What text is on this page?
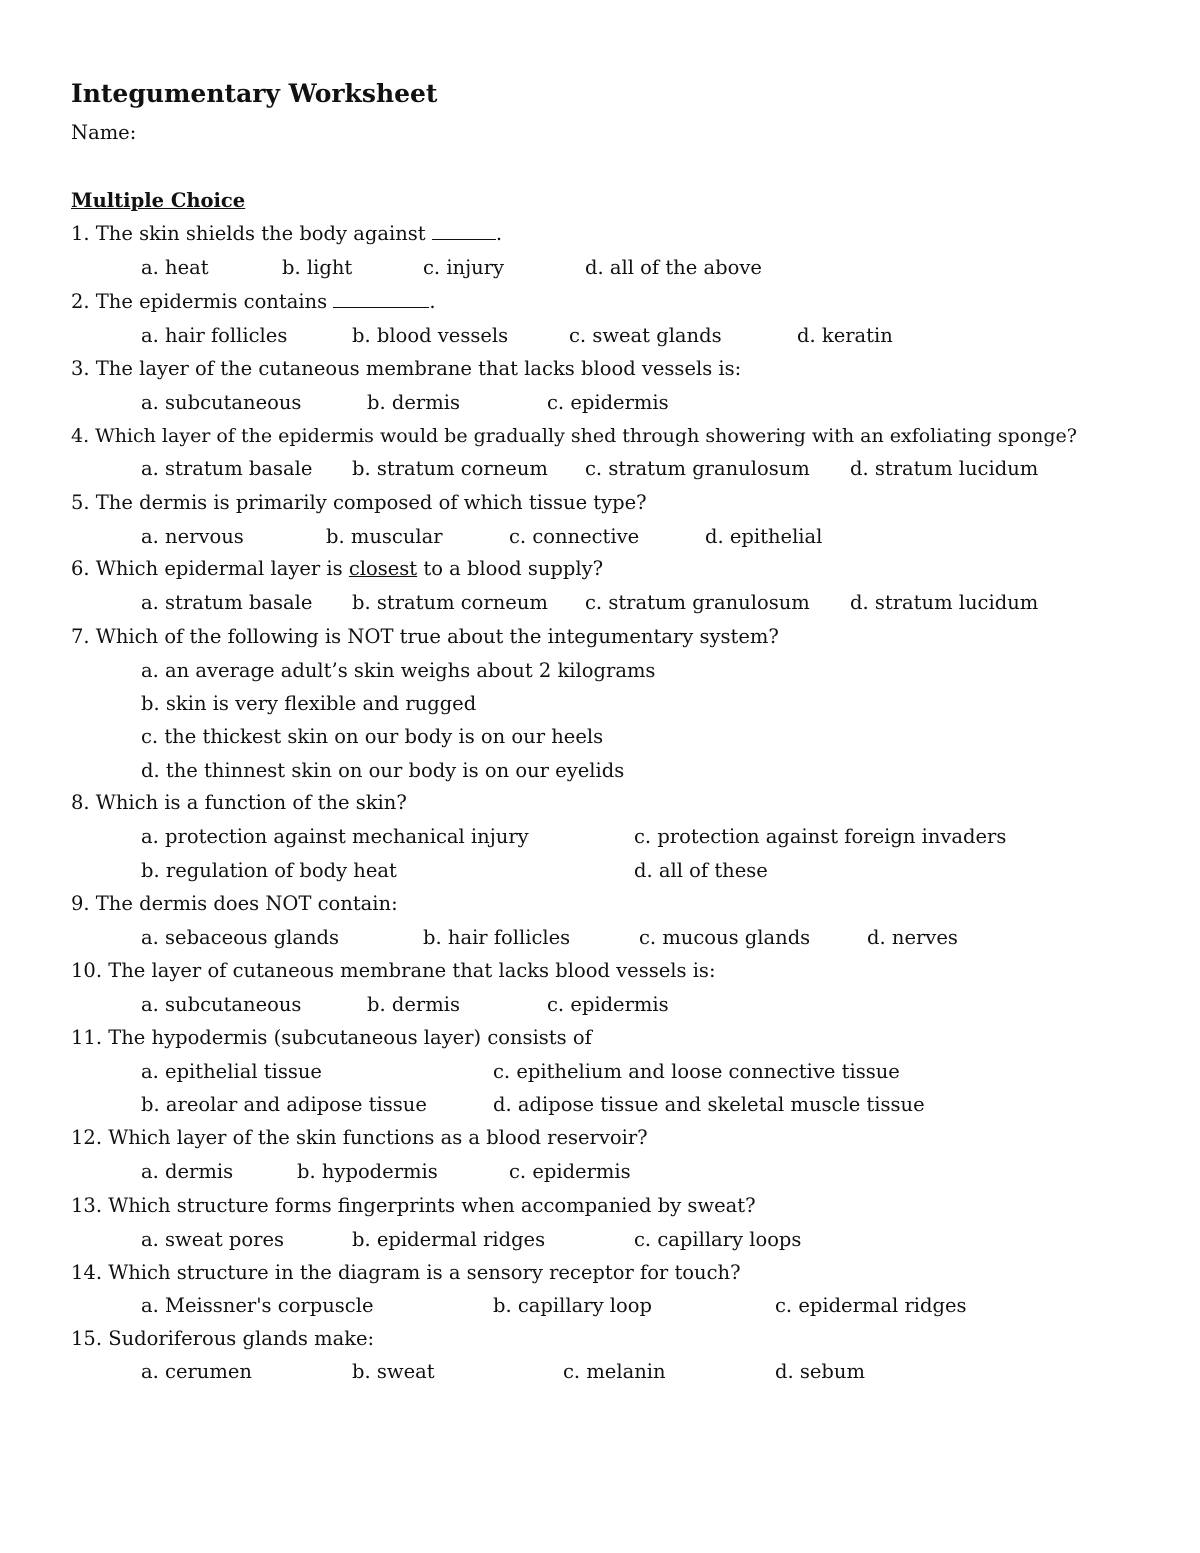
Integumentary Worksheet
Name:
Multiple Choice
1. The skin shields the body against	.
a. heat	b. light	c. injury	d. all of the above
2. The epidermis contains	.
a. hair follicles	b. blood vessels	c. sweat glands	d. keratin
3. The layer of the cutaneous membrane that lacks blood vessels is:
a. subcutaneous	b. dermis	c. epidermis
4. Which layer of the epidermis would be gradually shed through showering with an exfoliating sponge?
a. stratum basale b. stratum corneum c. stratum granulosum d. stratum lucidum
5. The dermis is primarily composed of which tissue type?
a. nervous	b. muscular	c. connective	d. epithelial
6. Which epidermal layer is closest to a blood supply?
a. stratum basale b. stratum corneum c. stratum granulosum d. stratum lucidum
7. Which of the following is NOT true about the integumentary system?
a. an average adult’s skin weighs about 2 kilograms
b. skin is very flexible and rugged
c. the thickest skin on our body is on our heels
d. the thinnest skin on our body is on our eyelids
8. Which is a function of the skin?
a. protection against mechanical injury	c. protection against foreign invaders
b. regulation of body heat	d. all of these
9. The dermis does NOT contain:
a. sebaceous glands	b. hair follicles	c. mucous glands	d. nerves
10. The layer of cutaneous membrane that lacks blood vessels is:
a. subcutaneous	b. dermis	c. epidermis
11. The hypodermis (subcutaneous layer) consists of
a. epithelial tissue	c. epithelium and loose connective tissue
b. areolar and adipose tissue	d. adipose tissue and skeletal muscle tissue
12. Which layer of the skin functions as a blood reservoir?
a. dermis	b. hypodermis	c. epidermis
13. Which structure forms fingerprints when accompanied by sweat?
a. sweat pores	b. epidermal ridges	c. capillary loops
14. Which structure in the diagram is a sensory receptor for touch?
a. Meissner's corpuscle	b. capillary loop	c. epidermal ridges
15. Sudoriferous glands make:
a. cerumen	b. sweat	c. melanin	d. sebum
